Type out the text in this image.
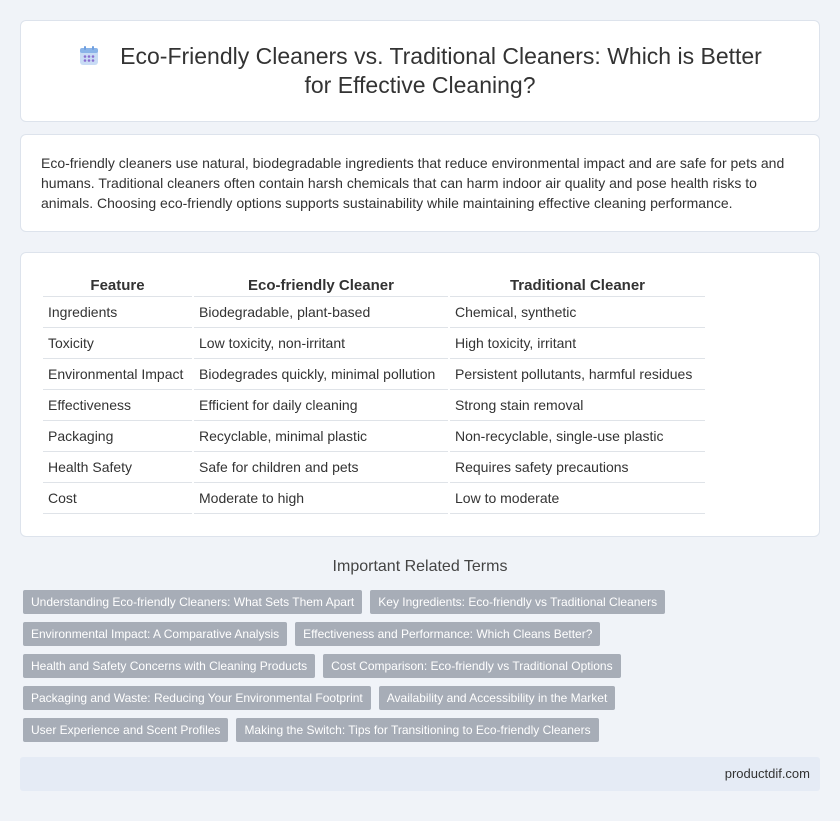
Eco-Friendly Cleaners vs. Traditional Cleaners: Which is Better for Effective Cleaning?

Eco-friendly cleaners use natural, biodegradable ingredients that reduce environmental impact and are safe for pets and humans. Traditional cleaners often contain harsh chemicals that can harm indoor air quality and pose health risks to animals. Choosing eco-friendly options supports sustainability while maintaining effective cleaning performance.

Feature	Eco-friendly Cleaner	Traditional Cleaner
Ingredients	Biodegradable, plant-based	Chemical, synthetic
Toxicity	Low toxicity, non-irritant	High toxicity, irritant
Environmental Impact	Biodegrades quickly, minimal pollution	Persistent pollutants, harmful residues
Effectiveness	Efficient for daily cleaning	Strong stain removal
Packaging	Recyclable, minimal plastic	Non-recyclable, single-use plastic
Health Safety	Safe for children and pets	Requires safety precautions
Cost	Moderate to high	Low to moderate
Important Related Terms
Understanding Eco-friendly Cleaners: What Sets Them Apart	Key Ingredients: Eco-friendly vs Traditional Cleaners
Environmental Impact: A Comparative Analysis	Effectiveness and Performance: Which Cleans Better?
Health and Safety Concerns with Cleaning Products	Cost Comparison: Eco-friendly vs Traditional Options
Packaging and Waste: Reducing Your Environmental Footprint	Availability and Accessibility in the Market
User Experience and Scent Profiles	Making the Switch: Tips for Transitioning to Eco-friendly Cleaners
productdif.com
